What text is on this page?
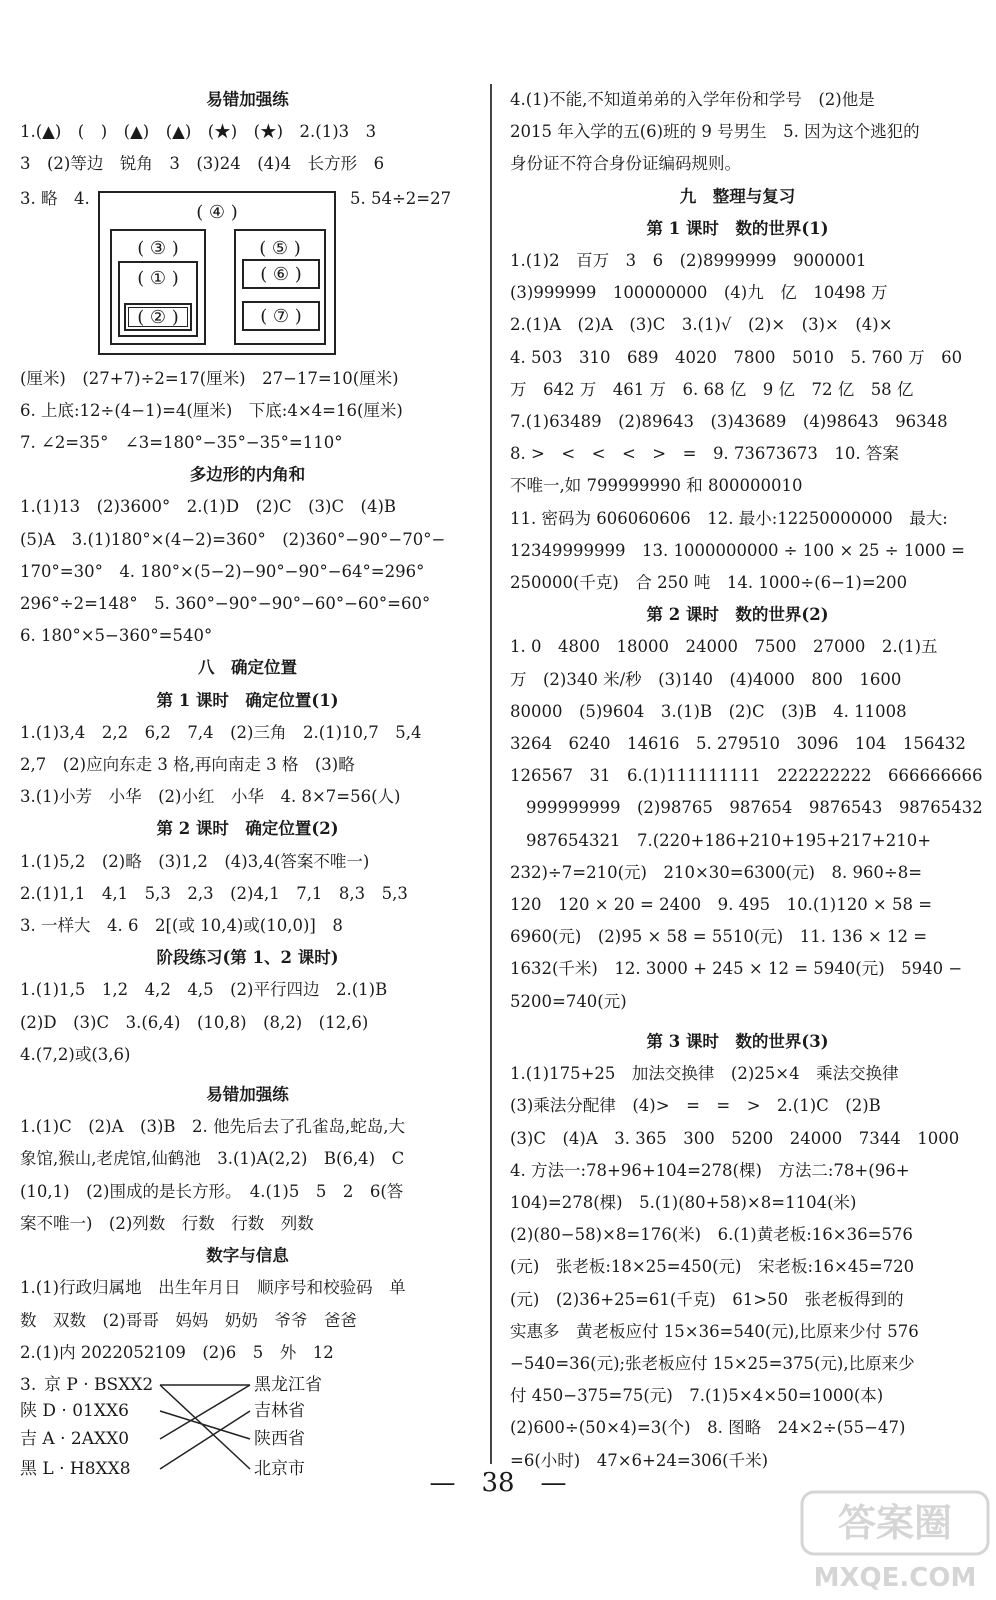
易错加强练
1.(▲)　(　)　(▲)　(▲)　(★)　(★)　2.(1)3　3
3　(2)等边　锐角　3　(3)24　(4)4　长方形　6
3. 略　4.	5. 54÷2=27
( ④ )
( ③ )
( ① )
( ② )
( ⑤ )
( ⑥ )
( ⑦ )
(厘米)　(27+7)÷2=17(厘米)　27−17=10(厘米)
6. 上底:12÷(4−1)=4(厘米)　下底:4×4=16(厘米)
7. ∠2=35°　∠3=180°−35°−35°=110°
多边形的内角和
1.(1)13　(2)3600°　2.(1)D　(2)C　(3)C　(4)B
(5)A　3.(1)180°×(4−2)=360°　(2)360°−90°−70°−
170°=30°　4. 180°×(5−2)−90°−90°−64°=296°
296°÷2=148°　5. 360°−90°−90°−60°−60°=60°
6. 180°×5−360°=540°
八　确定位置
第 1 课时　确定位置(1)
1.(1)3,4　2,2　6,2　7,4　(2)三角　2.(1)10,7　5,4
2,7　(2)应向东走 3 格,再向南走 3 格　(3)略
3.(1)小芳　小华　(2)小红　小华　4. 8×7=56(人)
第 2 课时　确定位置(2)
1.(1)5,2　(2)略　(3)1,2　(4)3,4(答案不唯一)
2.(1)1,1　4,1　5,3　2,3　(2)4,1　7,1　8,3　5,3
3. 一样大　4. 6　2[(或 10,4)或(10,0)]　8
阶段练习(第 1、2 课时)
1.(1)1,5　1,2　4,2　4,5　(2)平行四边　2.(1)B
(2)D　(3)C　3.(6,4)　(10,8)　(8,2)　(12,6)
4.(7,2)或(3,6)
易错加强练
1.(1)C　(2)A　(3)B　2. 他先后去了孔雀岛,蛇岛,大
象馆,猴山,老虎馆,仙鹤池　3.(1)A(2,2)　B(6,4)　C
(10,1)　(2)围成的是长方形。　4.(1)5　5　2　6(答
案不唯一)　(2)列数　行数　行数　列数
数字与信息
1.(1)行政归属地　出生年月日　顺序号和校验码　单
数　双数　(2)哥哥　妈妈　奶奶　爷爷　爸爸
2.(1)内 2022052109　(2)6　5　外　12
3. 京 P · BSXX2
陕 D · 01XX6
吉 A · 2AXX0
黑 L · H8XX8
黑龙江省
吉林省
陕西省
北京市
4.(1)不能,不知道弟弟的入学年份和学号　(2)他是
2015 年入学的五(6)班的 9 号男生　5. 因为这个逃犯的
身份证不符合身份证编码规则。
九　整理与复习
第 1 课时　数的世界(1)
1.(1)2　百万　3　6　(2)8999999　9000001
(3)999999　100000000　(4)九　亿　10498 万
2.(1)A　(2)A　(3)C　3.(1)√　(2)×　(3)×　(4)×
4. 503　310　689　4020　7800　5010　5. 760 万　60
万　642 万　461 万　6. 68 亿　9 亿　72 亿　58 亿
7.(1)63489　(2)89643　(3)43689　(4)98643　96348
8. >　<　<　<　>　=　9. 73673673　10. 答案
不唯一,如 799999990 和 800000010
11. 密码为 606060606　12. 最小:12250000000　最大:
12349999999　13. 1000000000 ÷ 100 × 25 ÷ 1000 =
250000(千克)　合 250 吨　14. 1000÷(6−1)=200
第 2 课时　数的世界(2)
1. 0　4800　18000　24000　7500　27000　2.(1)五
万　(2)340 米/秒　(3)140　(4)4000　800　1600
80000　(5)9604　3.(1)B　(2)C　(3)B　4. 11008
3264　6240　14616　5. 279510　3096　104　156432
126567　31　6.(1)111111111　222222222　666666666
999999999　(2)98765　987654　9876543　98765432
987654321　7.(220+186+210+195+217+210+
232)÷7=210(元)　210×30=6300(元)　8. 960÷8=
120　120 × 20 = 2400　9. 495　10.(1)120 × 58 =
6960(元)　(2)95 × 58 = 5510(元)　11. 136 × 12 =
1632(千米)　12. 3000 + 245 × 12 = 5940(元)　5940 −
5200=740(元)
第 3 课时　数的世界(3)
1.(1)175+25　加法交换律　(2)25×4　乘法交换律
(3)乘法分配律　(4)>　=　=　>　2.(1)C　(2)B
(3)C　(4)A　3. 365　300　5200　24000　7344　1000
4. 方法一:78+96+104=278(棵)　方法二:78+(96+
104)=278(棵)　5.(1)(80+58)×8=1104(米)
(2)(80−58)×8=176(米)　6.(1)黄老板:16×36=576
(元)　张老板:18×25=450(元)　宋老板:16×45=720
(元)　(2)36+25=61(千克)　61>50　张老板得到的
实惠多　黄老板应付 15×36=540(元),比原来少付 576
−540=36(元);张老板应付 15×25=375(元),比原来少
付 450−375=75(元)　7.(1)5×4×50=1000(本)
(2)600÷(50×4)=3(个)　8. 图略　24×2÷(55−47)
=6(小时)　47×6+24=306(千米)
—　38　—
答案圈
MXQE.COM
